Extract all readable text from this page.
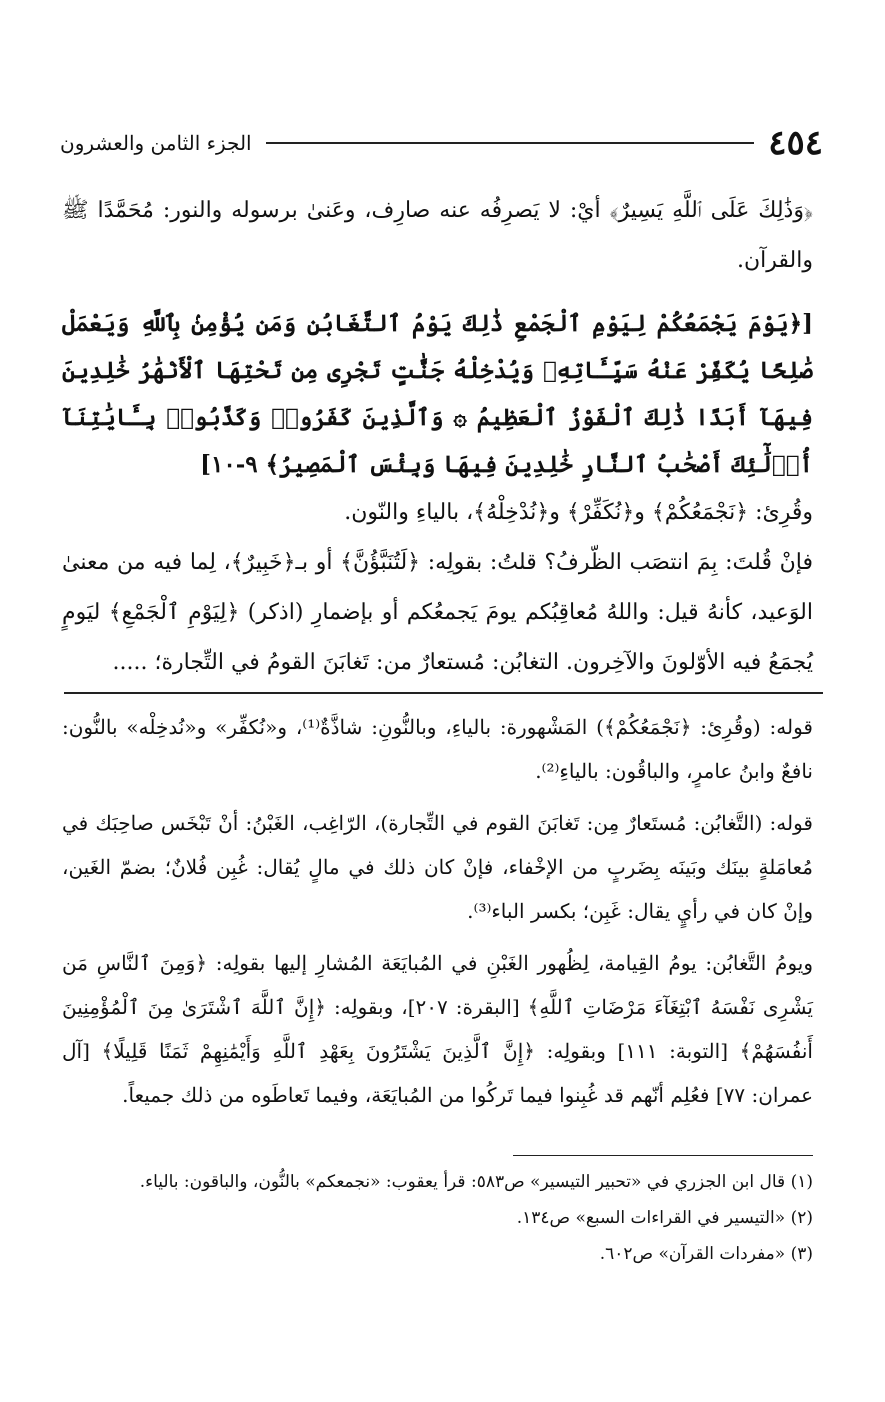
٤٥٤
الجزء الثامن والعشرون

﴿وَذَٰلِكَ عَلَى ٱللَّهِ يَسِيرٌ﴾ أيْ: لا يَصرِفُه عنه صارِف، وعَنىٰ برسوله والنور: مُحَمَّدًا ﷺ والقرآن.

[﴿يَوْمَ يَجْمَعُكُمْ لِيَوْمِ ٱلْجَمْعِ ذَٰلِكَ يَوْمُ ٱلتَّغَابُنِ وَمَن يُؤْمِنۢ بِٱللَّهِ وَيَعْمَلْ صَٰلِحًا يُكَفِّرْ عَنْهُ سَيِّـَٔاتِهِۦ وَيُدْخِلْهُ جَنَّٰتٍ تَجْرِى مِن تَحْتِهَا ٱلْأَنْهَٰرُ خَٰلِدِينَ فِيهَآ أَبَدًا ذَٰلِكَ ٱلْفَوْزُ ٱلْعَظِيمُ ۞ وَٱلَّذِينَ كَفَرُوا۟ وَكَذَّبُوا۟ بِـَٔايَٰتِنَآ أُو۟لَٰٓئِكَ أَصْحَٰبُ ٱلنَّارِ خَٰلِدِينَ فِيهَا وَبِئْسَ ٱلْمَصِيرُ﴾ ٩-١٠]

وقُرِئ: ﴿نَجْمَعُكُمْ﴾ و﴿نُكَفِّرْ﴾ و﴿نُدْخِلْهُ﴾، بالياءِ والنّون.

فإنْ قُلتَ: بِمَ انتصَب الظّرفُ؟ قلتُ: بقولِه: ﴿لَتُنَبَّؤُنَّ﴾ أو بـ﴿خَبِيرٌ﴾، لِما فيه من معنىٰ الوَعيد، كأنهُ قيل: واللهُ مُعاقِبُكم يومَ يَجمعُكم أو بإضمارِ (اذكر) ﴿لِيَوْمِ ٱلْجَمْعِ﴾ ليَومٍ يُجمَعُ فيه الأوّلونَ والآخِرون. التغابُن: مُستعارٌ من: تَغابَنَ القومُ في التِّجارة؛ .....

قوله: (وقُرِئ: ﴿نَجْمَعُكُمْ﴾) المَشْهورة: بالياءِ، وبالنُّونِ: شاذَّةٌ⁽¹⁾، و«نُكفِّر» و«نُدخِلْه» بالنُّون: نافعٌ وابنُ عامرٍ، والباقُون: بالياءِ⁽²⁾.

قوله: (التَّغابُن: مُستَعارٌ مِن: تَغابَنَ القوم في التِّجارة)، الرّاغِب، الغَبْنُ: أنْ تَبْخَس صاحِبَك في مُعامَلةٍ بينَك وبَينَه بِضَربٍ من الإخْفاء، فإنْ كان ذلك في مالٍ يُقال: غُبِن فُلانٌ؛ بضمّ الغَين، وإنْ كان في رأيٍ يقال: غَبِن؛ بكسر الباء⁽³⁾.

ويومُ التَّغابُن: يومُ القِيامة، لِظُهور الغَبْنِ في المُبايَعَة المُشارِ إليها بقولِه: ﴿وَمِنَ ٱلنَّاسِ مَن يَشْرِى نَفْسَهُ ٱبْتِغَآءَ مَرْضَاتِ ٱللَّهِ﴾ [البقرة: ٢٠٧]، وبقولِه: ﴿إِنَّ ٱللَّهَ ٱشْتَرَىٰ مِنَ ٱلْمُؤْمِنِينَ أَنفُسَهُمْ﴾ [التوبة: ١١١] وبقولِه: ﴿إِنَّ ٱلَّذِينَ يَشْتَرُونَ بِعَهْدِ ٱللَّهِ وَأَيْمَٰنِهِمْ ثَمَنًا قَلِيلًا﴾ [آل عمران: ٧٧] فعُلِم أنّهم قد غُبِنوا فيما تَركُوا من المُبايَعَة، وفيما تَعاطَوه من ذلك جميعاً.

(١) قال ابن الجزري في «تحبير التيسير» ص٥٨٣: قرأ يعقوب: «نجمعكم» بالنُّون، والباقون: بالياء.

(٢) «التيسير في القراءات السبع» ص١٣٤.

(٣) «مفردات القرآن» ص٦٠٢.
